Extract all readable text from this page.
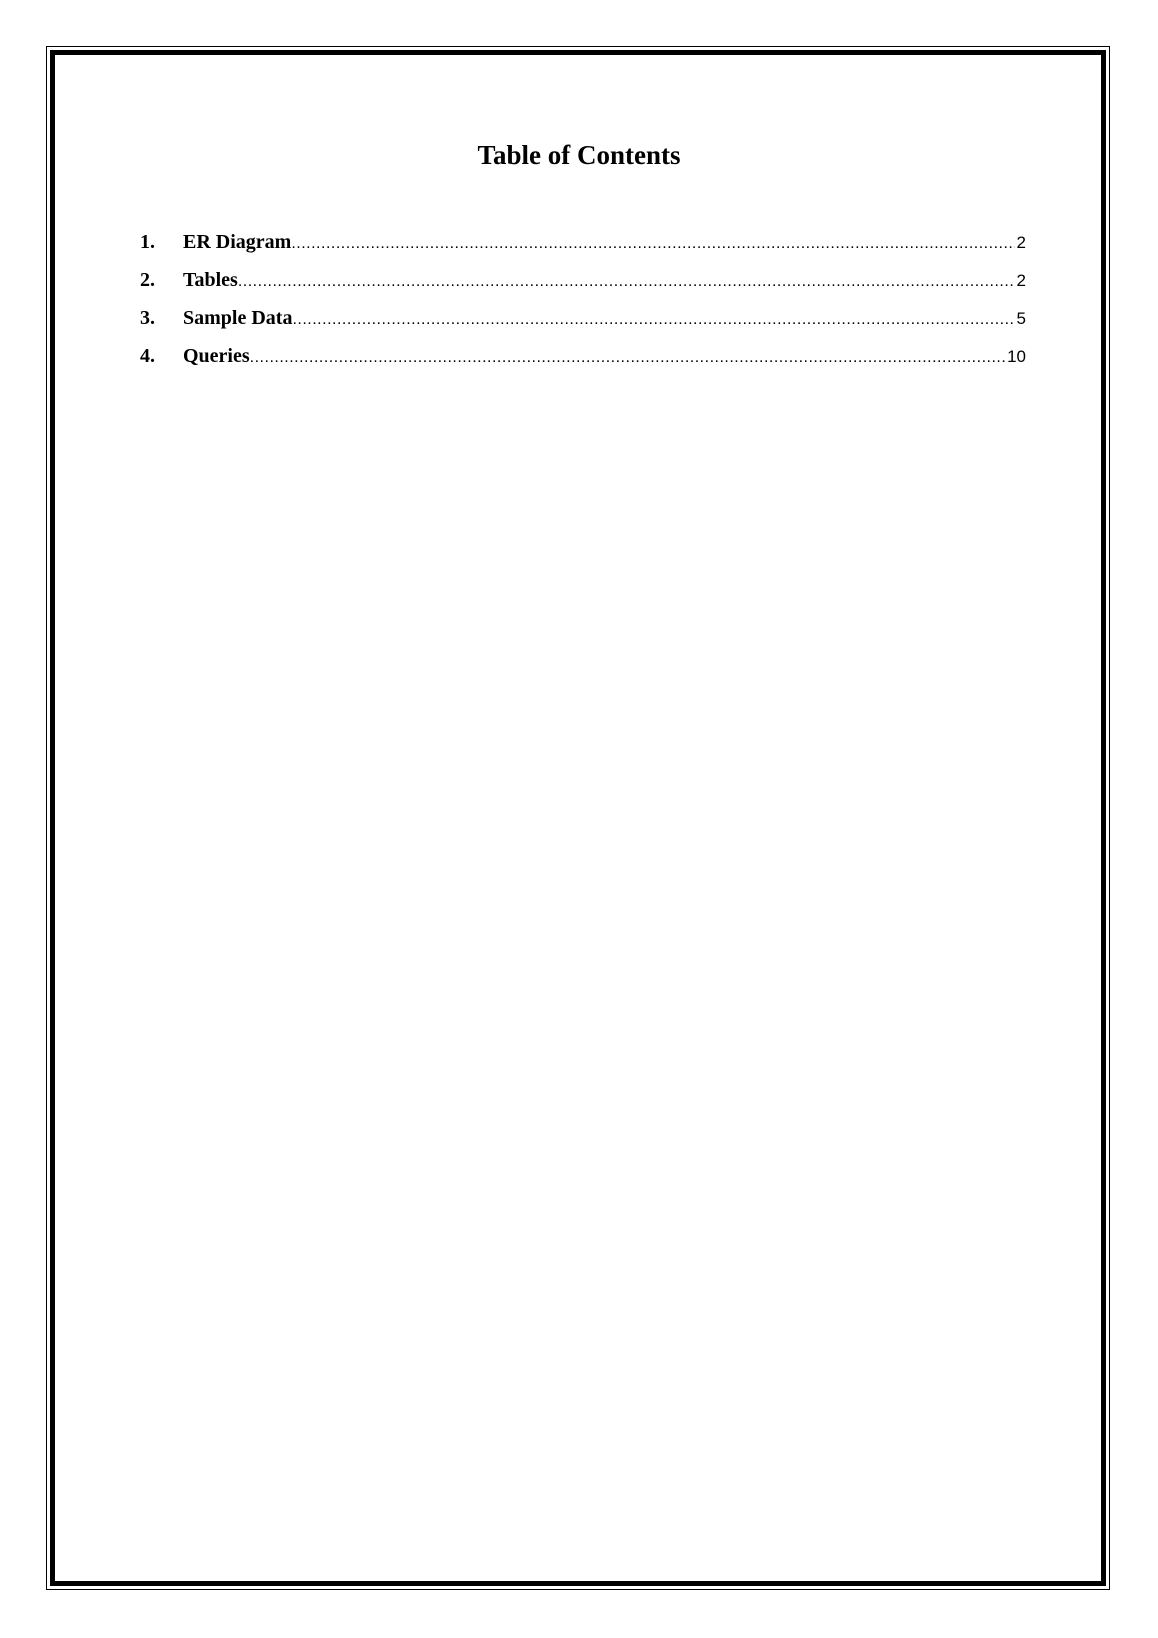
Table of Contents
1.	ER Diagram .....	2
2.	Tables .....	2
3.	Sample Data .....	5
4.	Queries .....	10
